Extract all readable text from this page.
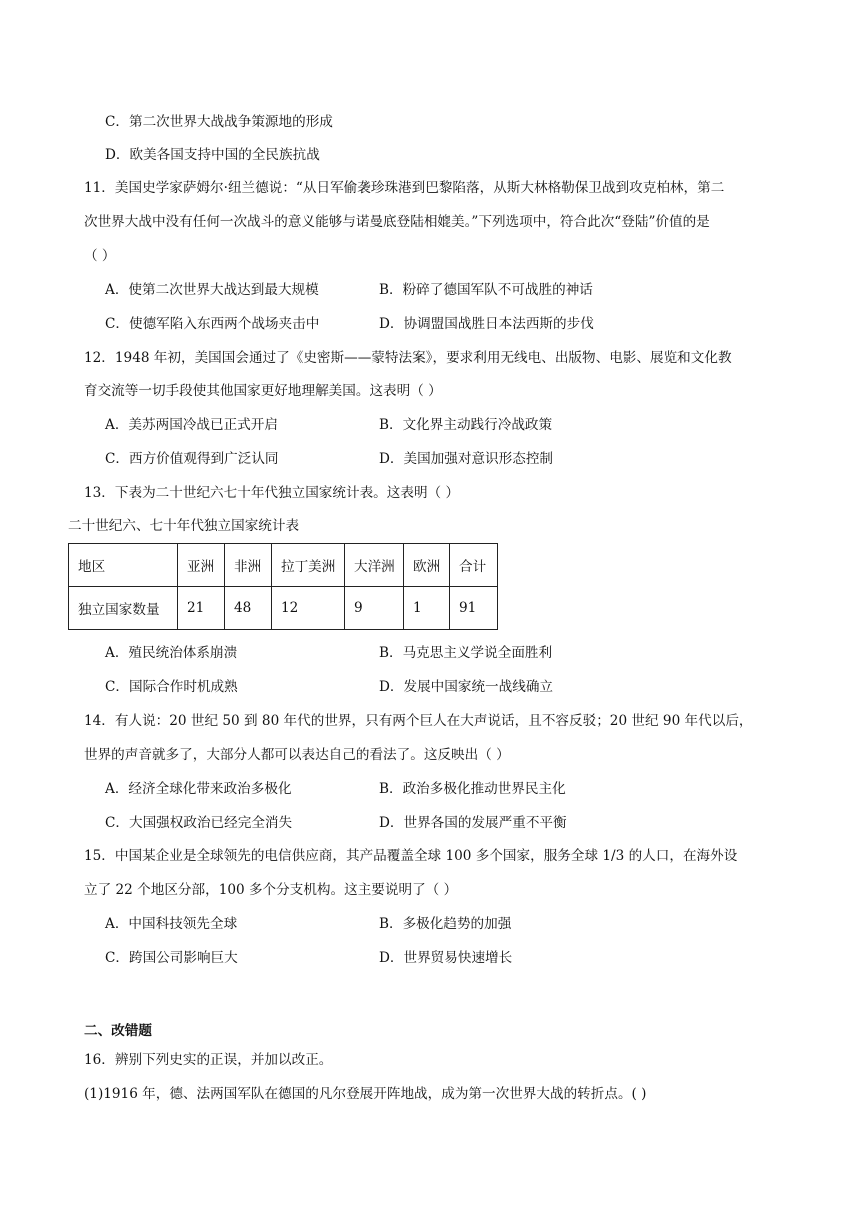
C．第二次世界大战战争策源地的形成
D．欧美各国支持中国的全民族抗战
11．美国史学家萨姆尔·纽兰德说：“从日军偷袭珍珠港到巴黎陷落，从斯大林格勒保卫战到攻克柏林，第二
次世界大战中没有任何一次战斗的意义能够与诺曼底登陆相媲美。”下列选项中，符合此次“登陆”价值的是
（ ）
A．使第二次世界大战达到最大规模	B．粉碎了德国军队不可战胜的神话
C．使德军陷入东西两个战场夹击中	D．协调盟国战胜日本法西斯的步伐
12．1948 年初，美国国会通过了《史密斯——蒙特法案》，要求利用无线电、出版物、电影、展览和文化教
育交流等一切手段使其他国家更好地理解美国。这表明（ ）
A．美苏两国冷战已正式开启	B．文化界主动践行冷战政策
C．西方价值观得到广泛认同	D．美国加强对意识形态控制
13．下表为二十世纪六七十年代独立国家统计表。这表明（ ）
二十世纪六、七十年代独立国家统计表
地区	亚洲	非洲	拉丁美洲	大洋洲	欧洲	合计
独立国家数量	21	48	12	9	1	91
A．殖民统治体系崩溃	B．马克思主义学说全面胜利
C．国际合作时机成熟	D．发展中国家统一战线确立
14．有人说：20 世纪 50 到 80 年代的世界，只有两个巨人在大声说话，且不容反驳；20 世纪 90 年代以后，
世界的声音就多了，大部分人都可以表达自己的看法了。这反映出（ ）
A．经济全球化带来政治多极化	B．政治多极化推动世界民主化
C．大国强权政治已经完全消失	D．世界各国的发展严重不平衡
15．中国某企业是全球领先的电信供应商，其产品覆盖全球 100 多个国家，服务全球 1/3 的人口，在海外设
立了 22 个地区分部，100 多个分支机构。这主要说明了（ ）
A．中国科技领先全球	B．多极化趋势的加强
C．跨国公司影响巨大	D．世界贸易快速增长
二、改错题
16．辨别下列史实的正误，并加以改正。
(1)1916 年，德、法两国军队在德国的凡尔登展开阵地战，成为第一次世界大战的转折点。( )
